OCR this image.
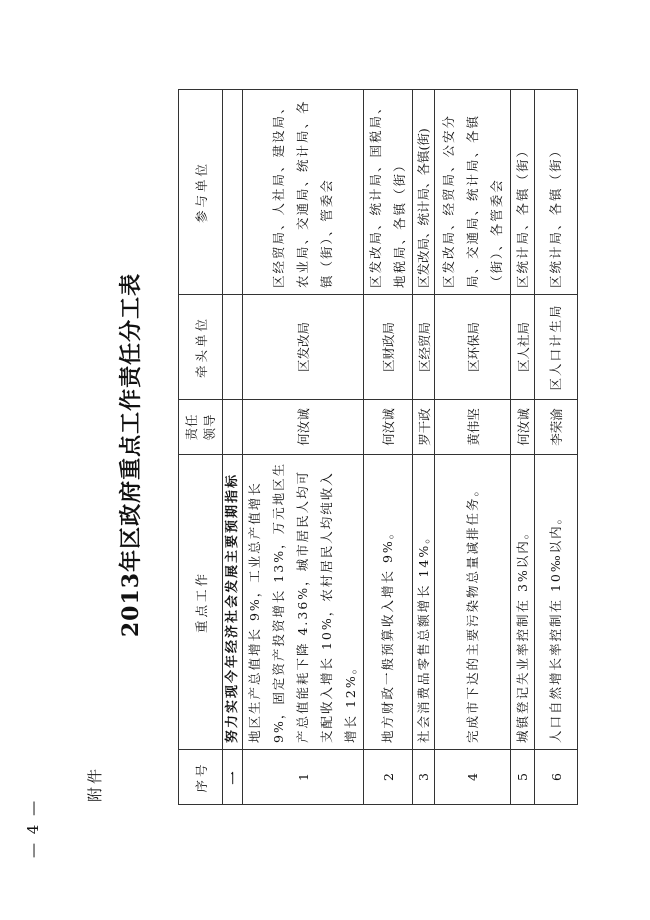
— 4 —
附件
2013年区政府重点工作责任分工表
序号	重点工作	责任领导	牵头单位	参与单位
一	努力实现今年经济社会发展主要预期指标			
1	地区生产总值增长 9%，工业总产值增长 9%，固定资产投资增长 13%，万元地区生产总值能耗下降 4.36%，城市居民人均可支配收入增长 10%，农村居民人均纯收入增长 12%。	何汝诚	区发改局	区经贸局、人社局、建设局、农业局、交通局、统计局、各镇（街）、管委会
2	地方财政一般预算收入增长 9%。	何汝诚	区财政局	区发改局、统计局、国税局、地税局、各镇（街）
3	社会消费品零售总额增长 14%。	罗干政	区经贸局	区发改局、统计局、各镇(街)
4	完成市下达的主要污染物总量减排任务。	黄伟坚	区环保局	区发改局、经贸局、公安分局、交通局、统计局、各镇（街）、各管委会
5	城镇登记失业率控制在 3%以内。	何汝诚	区人社局	区统计局、各镇（街）
6	人口自然增长率控制在 10‰以内。	李荣渝	区人口计生局	区统计局、各镇（街）
